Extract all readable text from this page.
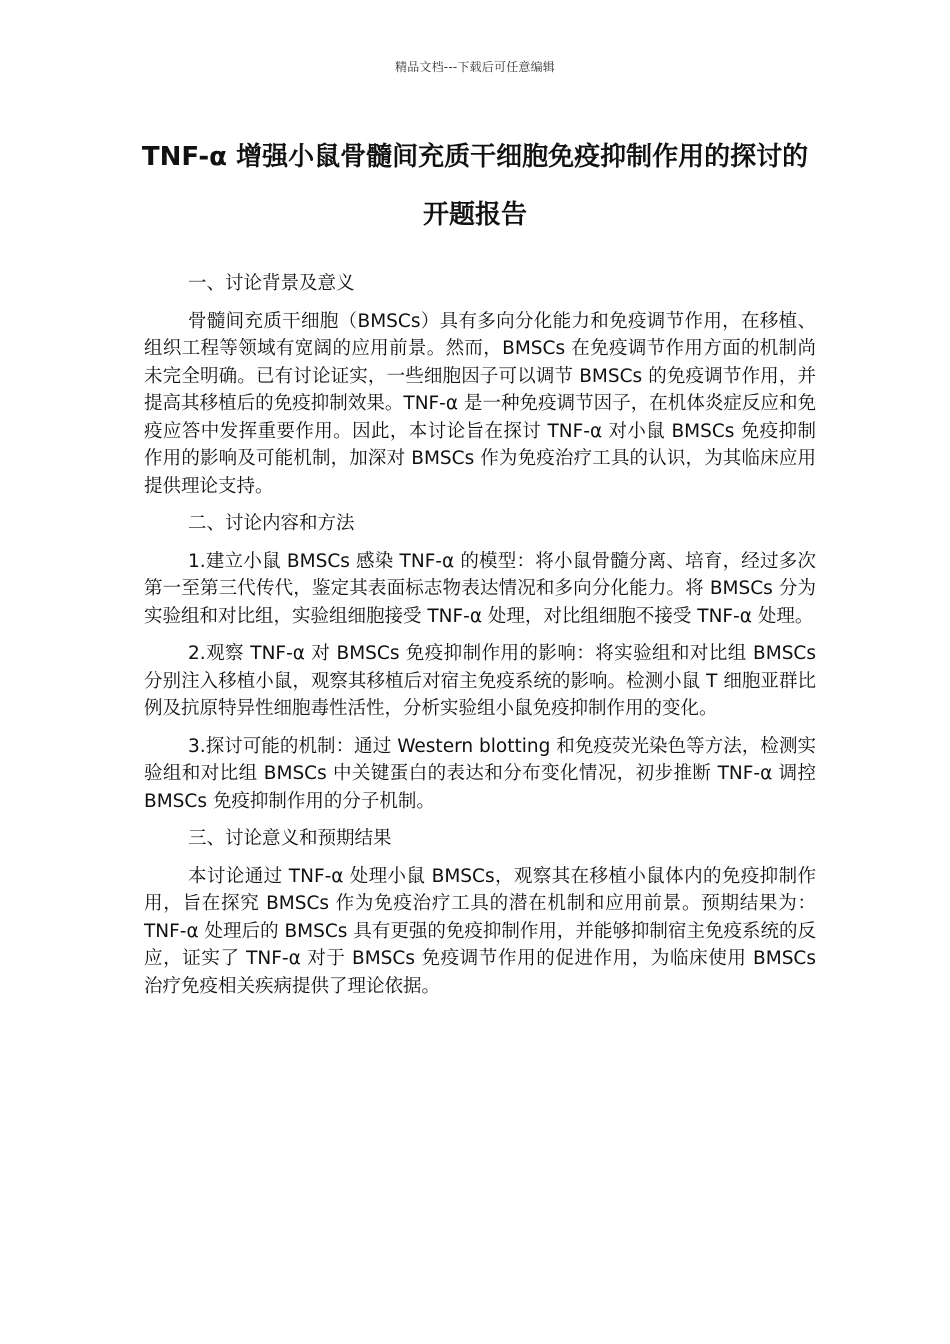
精品文档---下载后可任意编辑
TNF-α 增强小鼠骨髓间充质干细胞免疫抑制作用的探讨的开题报告

一、讨论背景及意义

骨髓间充质干细胞（BMSCs）具有多向分化能力和免疫调节作用，在移植、组织工程等领域有宽阔的应用前景。然而，BMSCs 在免疫调节作用方面的机制尚未完全明确。已有讨论证实，一些细胞因子可以调节 BMSCs 的免疫调节作用，并提高其移植后的免疫抑制效果。TNF-α 是一种免疫调节因子，在机体炎症反应和免疫应答中发挥重要作用。因此，本讨论旨在探讨 TNF-α 对小鼠 BMSCs 免疫抑制作用的影响及可能机制，加深对 BMSCs 作为免疫治疗工具的认识，为其临床应用提供理论支持。

二、讨论内容和方法

1.建立小鼠 BMSCs 感染 TNF-α 的模型：将小鼠骨髓分离、培育，经过多次第一至第三代传代，鉴定其表面标志物表达情况和多向分化能力。将 BMSCs 分为实验组和对比组，实验组细胞接受 TNF-α 处理，对比组细胞不接受 TNF-α 处理。

2.观察 TNF-α 对 BMSCs 免疫抑制作用的影响：将实验组和对比组 BMSCs 分别注入移植小鼠，观察其移植后对宿主免疫系统的影响。检测小鼠 T 细胞亚群比例及抗原特异性细胞毒性活性，分析实验组小鼠免疫抑制作用的变化。

3.探讨可能的机制：通过 Western blotting 和免疫荧光染色等方法，检测实验组和对比组 BMSCs 中关键蛋白的表达和分布变化情况，初步推断 TNF-α 调控 BMSCs 免疫抑制作用的分子机制。

三、讨论意义和预期结果

本讨论通过 TNF-α 处理小鼠 BMSCs，观察其在移植小鼠体内的免疫抑制作用，旨在探究 BMSCs 作为免疫治疗工具的潜在机制和应用前景。预期结果为：TNF-α 处理后的 BMSCs 具有更强的免疫抑制作用，并能够抑制宿主免疫系统的反应，证实了 TNF-α 对于 BMSCs 免疫调节作用的促进作用，为临床使用 BMSCs 治疗免疫相关疾病提供了理论依据。
